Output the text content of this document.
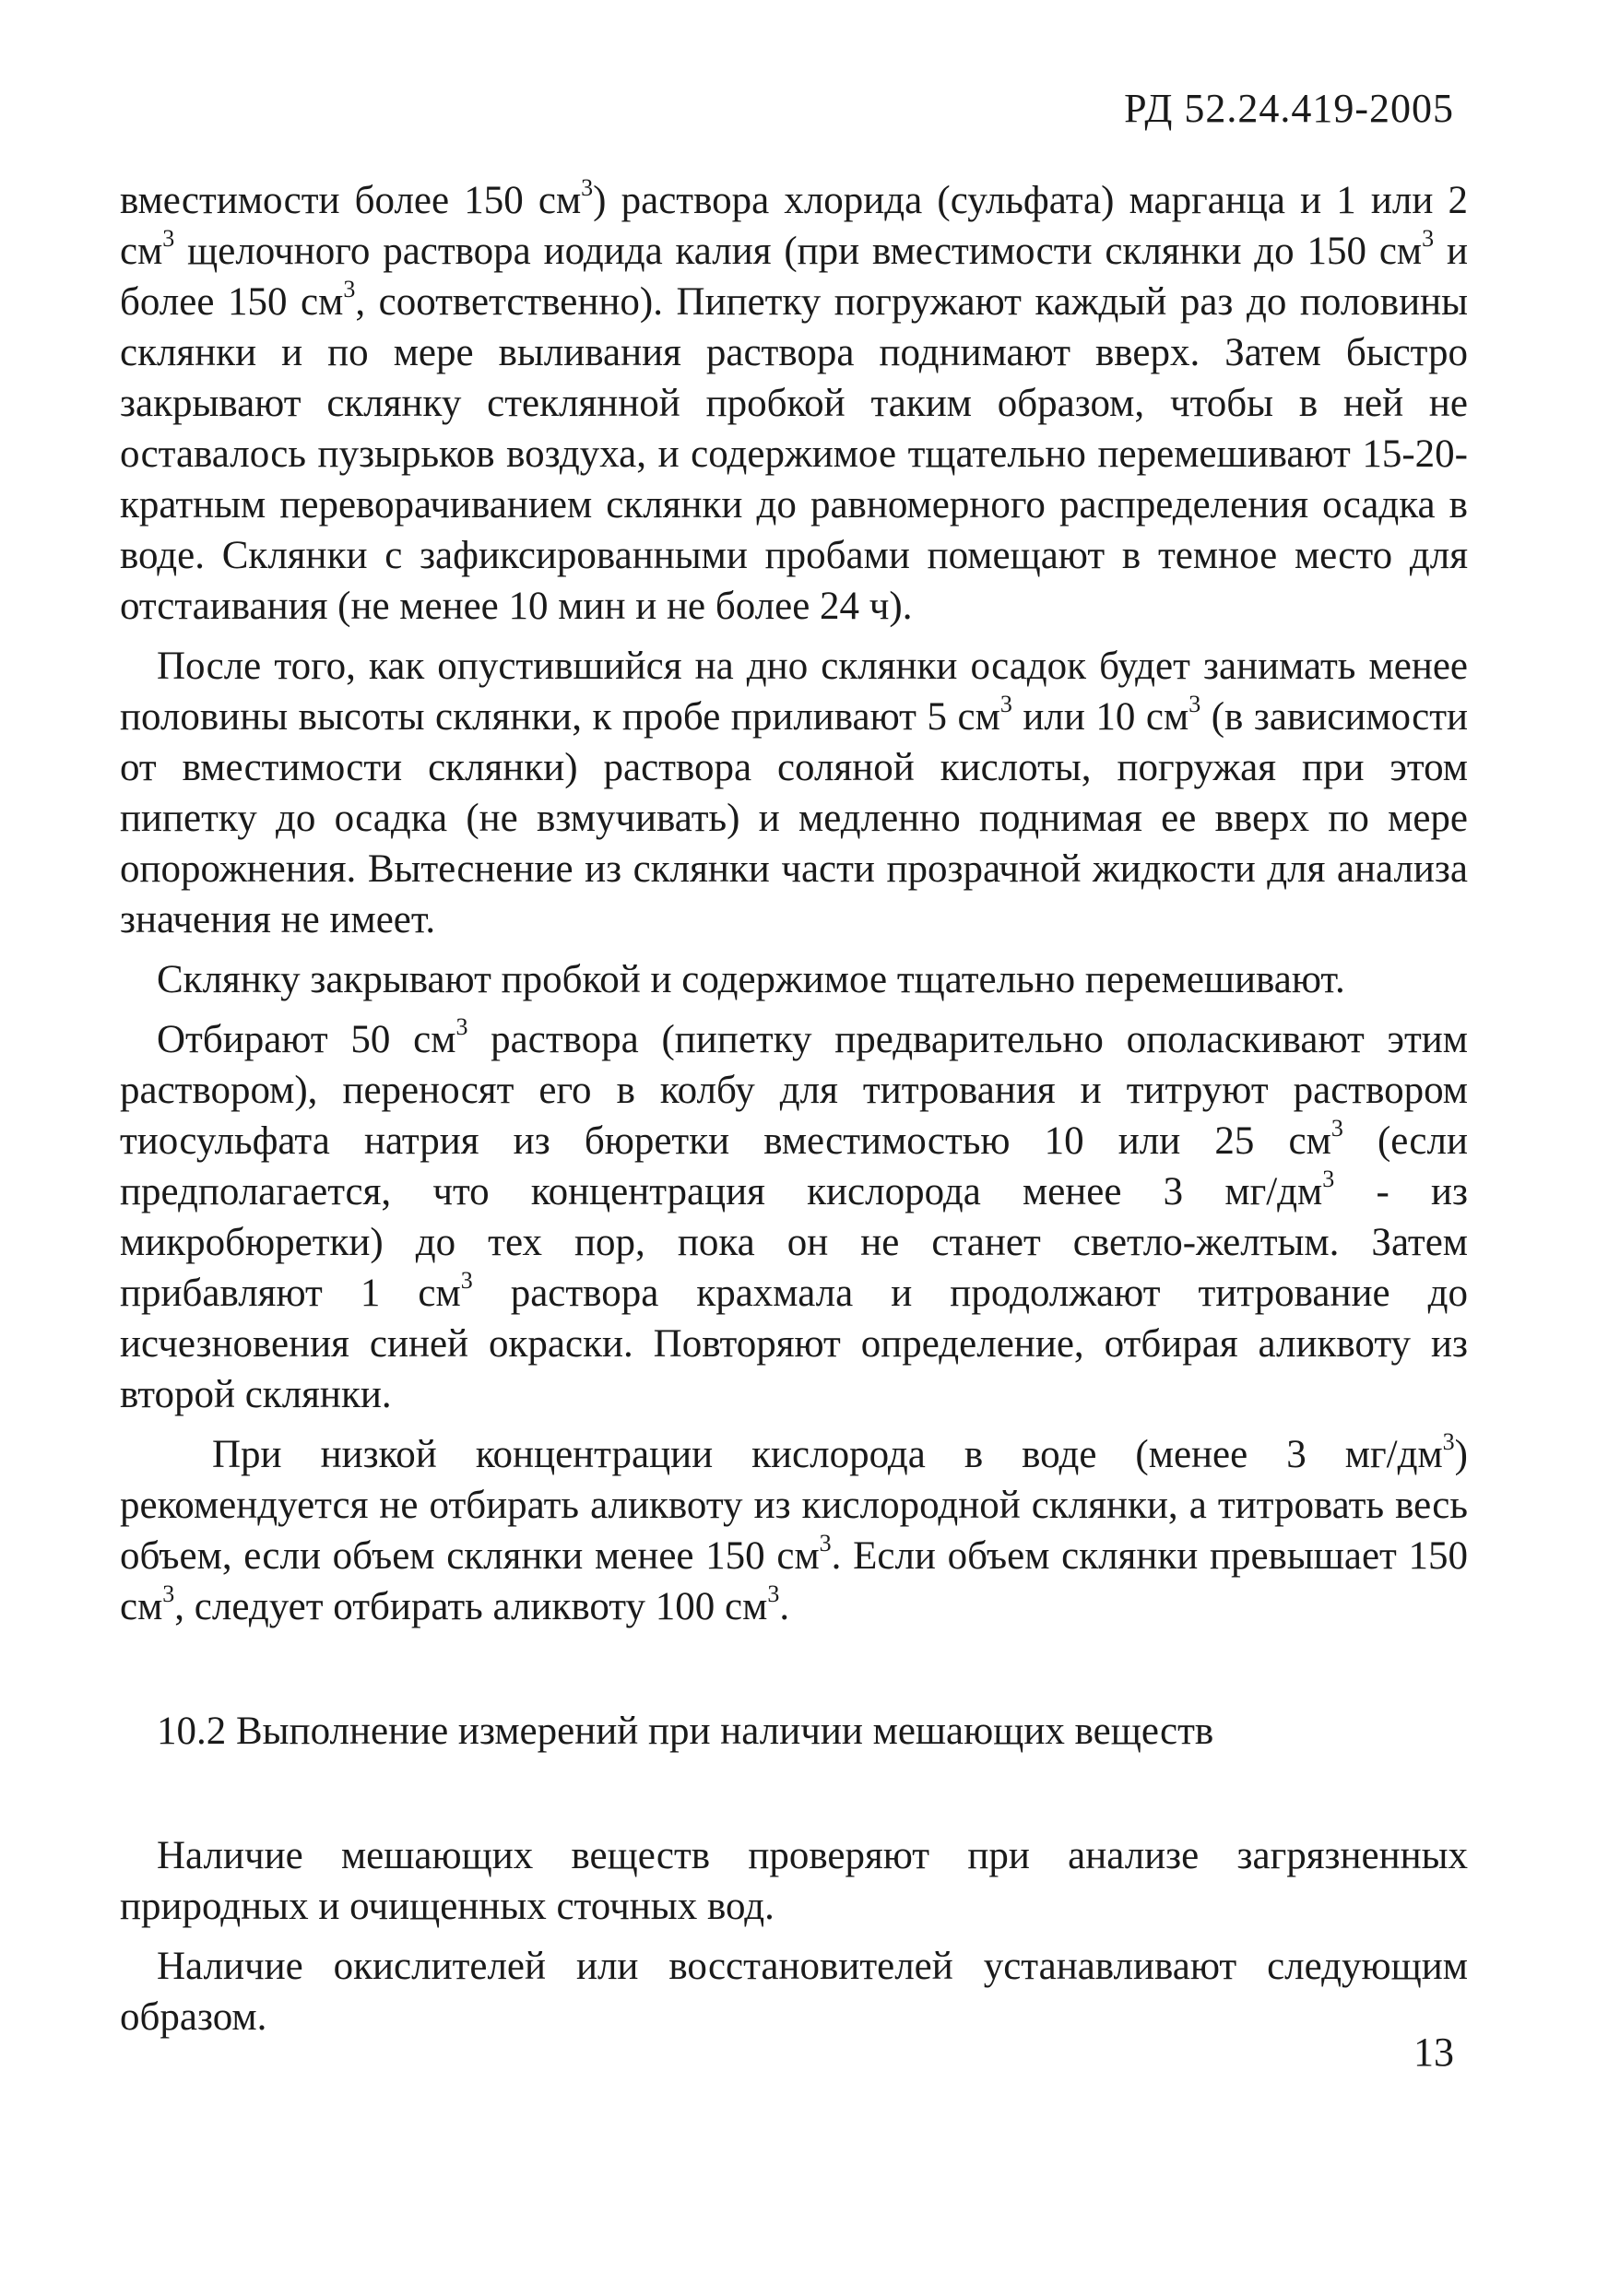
РД 52.24.419-2005

вместимости более 150 $см^3$) раствора хлорида (сульфата) марганца и 1 или 2 $см^3$ щелочного раствора иодида калия (при вместимости склянки до 150 $см^3$ и более 150 $см^3$, соответственно). Пипетку погружают каждый раз до половины склянки и по мере выливания раствора поднимают вверх. Затем быстро закрывают склянку стеклянной пробкой таким образом, чтобы в ней не оставалось пузырьков воздуха, и содержимое тщательно перемешивают 15-20-кратным переворачиванием склянки до равномерного распределения осадка в воде. Склянки с зафиксированными пробами помещают в темное место для отстаивания (не менее 10 мин и не более 24 ч).

После того, как опустившийся на дно склянки осадок будет занимать менее половины высоты склянки, к пробе приливают 5 $см^3$ или 10 $см^3$ (в зависимости от вместимости склянки) раствора соляной кислоты, погружая при этом пипетку до осадка (не взмучивать) и медленно поднимая ее вверх по мере опорожнения. Вытеснение из склянки части прозрачной жидкости для анализа значения не имеет.

Склянку закрывают пробкой и содержимое тщательно перемешивают.

Отбирают 50 $см^3$ раствора (пипетку предварительно ополаскивают этим раствором), переносят его в колбу для титрования и титруют раствором тиосульфата натрия из бюретки вместимостью 10 или 25 $см^3$ (если предполагается, что концентрация кислорода менее 3 $мг/дм^3$ - из микробюретки) до тех пор, пока он не станет светло-желтым. Затем прибавляют 1 $см^3$ раствора крахмала и продолжают титрование до исчезновения синей окраски. Повторяют определение, отбирая аликвоту из второй склянки.

При низкой концентрации кислорода в воде (менее 3 $мг/дм^3$) рекомендуется не отбирать аликвоту из кислородной склянки, а титровать весь объем, если объем склянки менее 150 $см^3$. Если объем склянки превышает 150 $см^3$, следует отбирать аликвоту 100 $см^3$.

10.2 Выполнение измерений при наличии мешающих веществ

Наличие мешающих веществ проверяют при анализе загрязненных природных и очищенных сточных вод.

Наличие окислителей или восстановителей устанавливают следующим образом.

13
